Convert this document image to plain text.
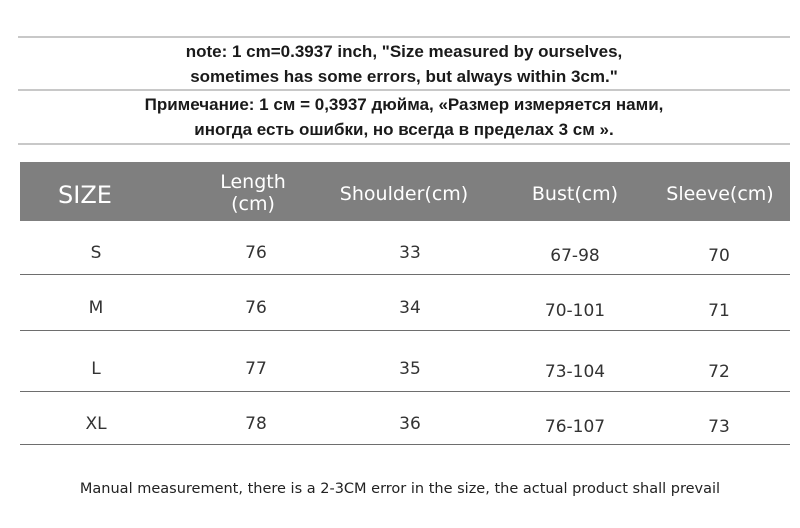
note: 1 cm=0.3937 inch, "Size measured by ourselves,
sometimes has some errors, but always within 3cm."
Примечание: 1 см = 0,3937 дюйма, «Размер измеряется нами,
иногда есть ошибки, но всегда в пределах 3 см ».
SIZE	Length (cm)	Shoulder(cm)	Bust(cm)	Sleeve(cm)
S	76	33	67-98	70
M	76	34	70-101	71
L	77	35	73-104	72
XL	78	36	76-107	73
Manual measurement, there is a 2-3CM error in the size, the actual product shall prevail
